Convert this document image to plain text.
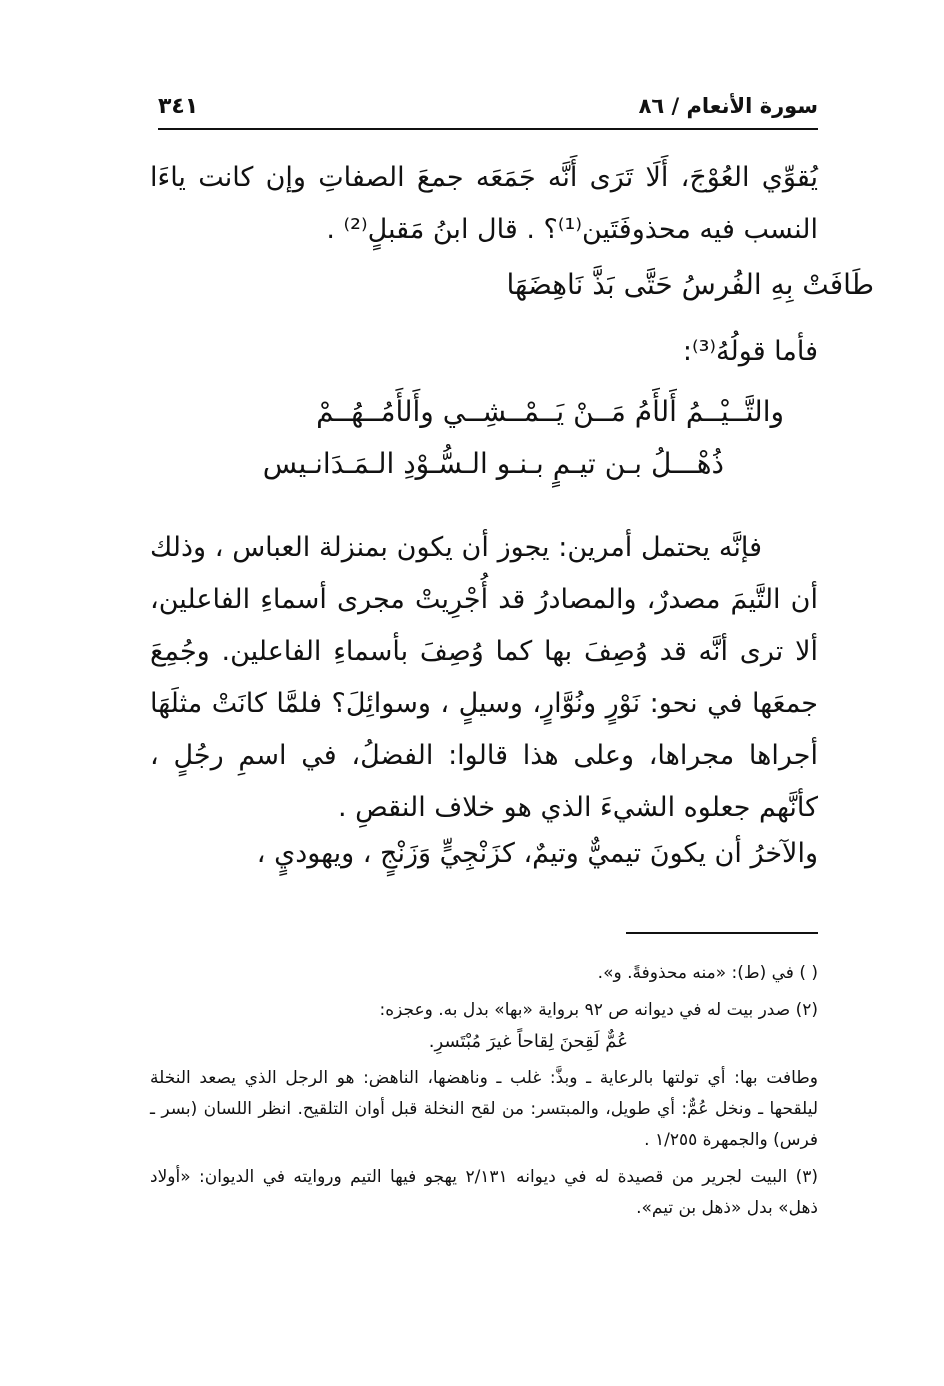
سورة الأنعام / ٨٦
٣٤١
يُقوِّي العُوْجَ، أَلَا تَرَى أَنَّه جَمَعَه جمعَ الصفاتِ وإن كانت ياءَا النسب فيه محذوفَتَين⁽¹⁾؟ . قال ابنُ مَقبلٍ⁽²⁾ .
طَافَتْ بِهِ الفُرسُ حَتَّى بَذَّ نَاهِضَهَا
فأما قولُهُ⁽³⁾:
والتَّــيْــمُ أَلأَمُ مَــنْ يَــمْــشِــي وأَلأَمُــهُــمْ
ذُهْـــلُ بـن تيـمٍ بـنـو الـسُّـوْدِ الـمَـدَانـيس
فإنَّه يحتمل أمرين: يجوز أن يكون بمنزلة العباس ، وذلك أن التَّيمَ مصدرٌ، والمصادرُ قد أُجْرِيتْ مجرى أسماءِ الفاعلين، ألا ترى أنَّه قد وُصِفَ بها كما وُصِفَ بأسماءِ الفاعلين. وجُمِعَ جمعَها في نحو: نَوْرٍ ونُوَّارٍ، وسيلٍ ، وسوائِلَ؟ فلمَّا كانَتْ مثلَهَا أجراها مجراها، وعلى هذا قالوا: الفضلُ، في اسمِ رجُلٍ ، كأنَّهم جعلوه الشيءَ الذي هو خلاف النقصِ .
والآخرُ أن يكونَ تيميٌّ وتيمٌ، كزَنْجِيٍّ وَزَنْجٍ ، ويهوديٍ ،

( ) في (ط): «منه محذوفةً. و».

(٢) صدر بيت له في ديوانه ص ٩٢ برواية «بها» بدل به. وعجزه:

عُمٌّ لَقِحنَ لِقاحاً غيرَ مُبْتَسرِ.

وطافت بها: أي تولتها بالرعاية ـ وبذَّ: غلب ـ وناهضها، الناهض: هو الرجل الذي يصعد النخلة ليلقحها ـ ونخل عُمٌّ: أي طويل، والمبتسر: من لقح النخلة قبل أوان التلقيح. انظر اللسان (بسر ـ فرس) والجمهرة ١/٢٥٥ .

(٣) البيت لجرير من قصيدة له في ديوانه ٢/١٣١ يهجو فيها التيم وروايته في الديوان: «أولاد ذهل» بدل «ذهل بن تيم».
